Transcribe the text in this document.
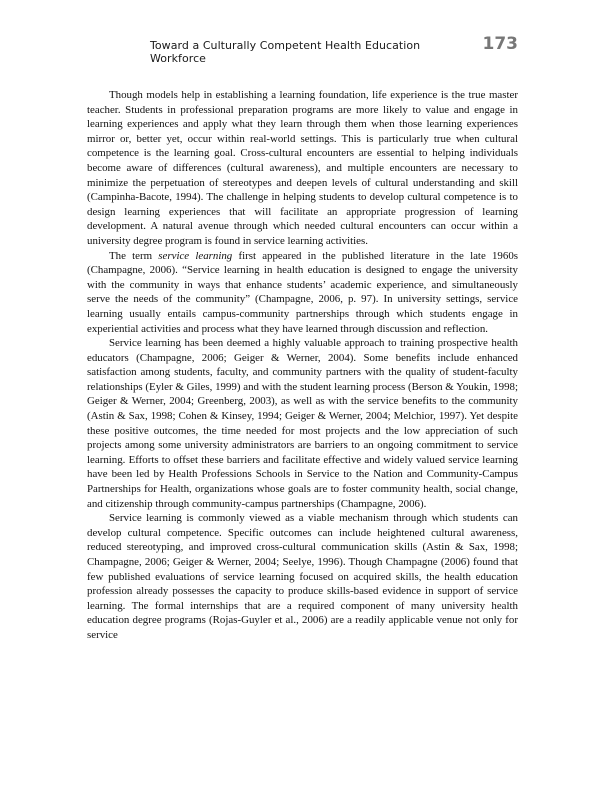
Toward a Culturally Competent Health Education Workforce
173

Though models help in establishing a learning foundation, life experience is the true master teacher. Students in professional preparation programs are more likely to value and engage in learning experiences and apply what they learn through them when those learning experiences mirror or, better yet, occur within real-world settings. This is particularly true when cultural competence is the learning goal. Cross-cultural encounters are essential to helping individuals become aware of differences (cultural awareness), and multiple encounters are necessary to minimize the perpetuation of stereotypes and deepen levels of cultural understanding and skill (Campinha-Bacote, 1994). The challenge in helping students to develop cultural competence is to design learning experiences that will facilitate an appropriate progression of learning development. A natural avenue through which needed cultural encounters can occur within a university degree program is found in service learning activities.

The term service learning first appeared in the published literature in the late 1960s (Champagne, 2006). “Service learning in health education is designed to engage the university with the community in ways that enhance students’ academic experience, and simultaneously serve the needs of the community” (Champagne, 2006, p. 97). In university settings, service learning usually entails campus-community partnerships through which students engage in experiential activities and process what they have learned through discussion and reflection.

Service learning has been deemed a highly valuable approach to training prospective health educators (Champagne, 2006; Geiger & Werner, 2004). Some benefits include enhanced satisfaction among students, faculty, and community partners with the quality of student-faculty relationships (Eyler & Giles, 1999) and with the student learning process (Berson & Youkin, 1998; Geiger & Werner, 2004; Greenberg, 2003), as well as with the service benefits to the community (Astin & Sax, 1998; Cohen & Kinsey, 1994; Geiger & Werner, 2004; Melchior, 1997). Yet despite these positive outcomes, the time needed for most projects and the low appreciation of such projects among some university administrators are barriers to an ongoing commitment to service learning. Efforts to offset these barriers and facilitate effective and widely valued service learning have been led by Health Professions Schools in Service to the Nation and Community-Campus Partnerships for Health, organizations whose goals are to foster community health, social change, and citizenship through community-campus partnerships (Champagne, 2006).

Service learning is commonly viewed as a viable mechanism through which students can develop cultural competence. Specific outcomes can include heightened cultural awareness, reduced stereotyping, and improved cross-cultural communication skills (Astin & Sax, 1998; Champagne, 2006; Geiger & Werner, 2004; Seelye, 1996). Though Champagne (2006) found that few published evaluations of service learning focused on acquired skills, the health education profession already possesses the capacity to produce skills-based evidence in support of service learning. The formal internships that are a required component of many university health education degree programs (Rojas-Guyler et al., 2006) are a readily applicable venue not only for service
